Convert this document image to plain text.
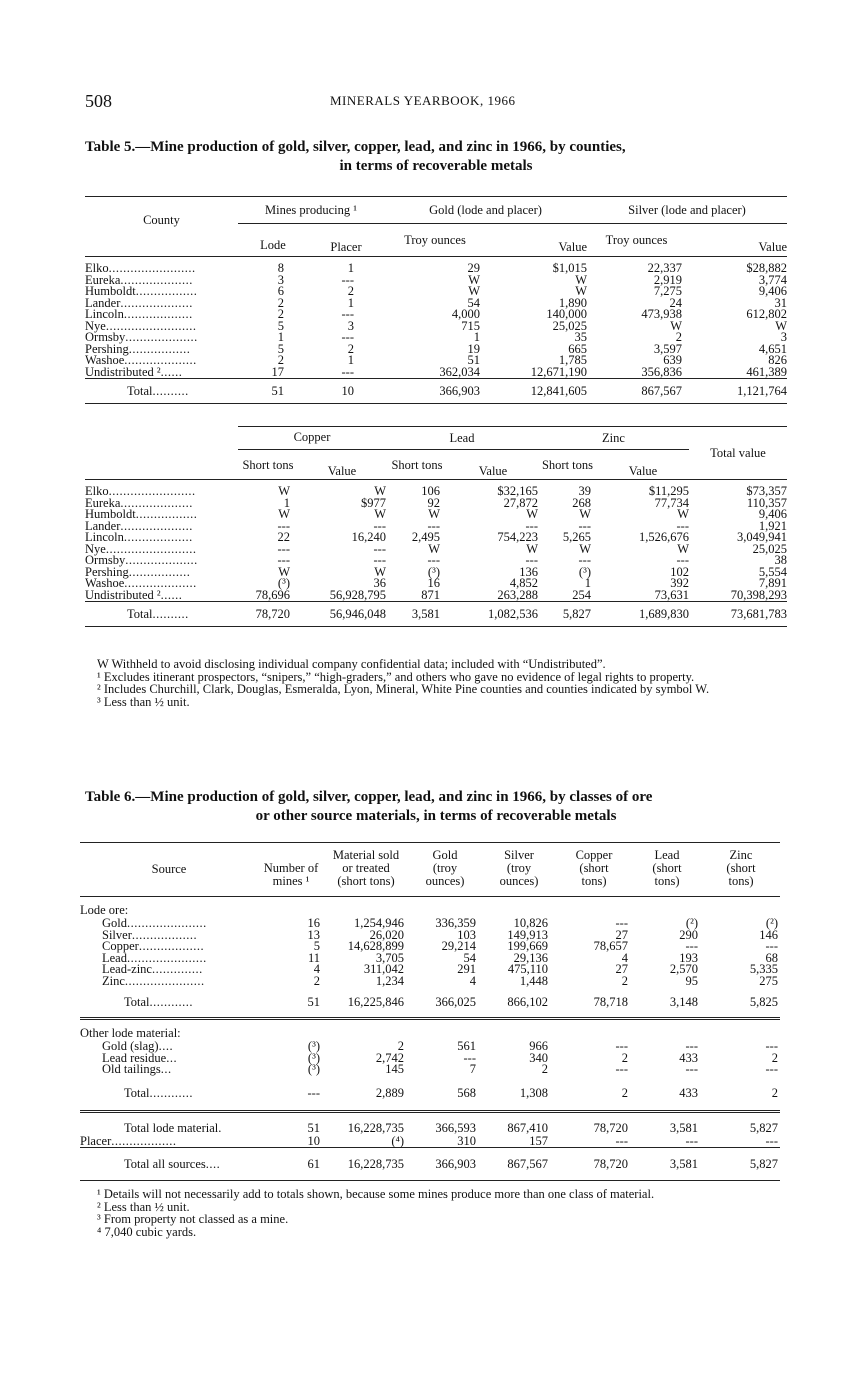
508	MINERALS YEARBOOK, 1966
Table 5.—Mine production of gold, silver, copper, lead, and zinc in 1966, by counties,
in terms of recoverable metals
County	Mines producing ¹		Gold (lode and placer)		Silver (lode and placer)	
	Lode	Placer	Troy ounces	Value	Troy ounces	Value
Elko........................	8	1	29	$1,015	22,337	$28,882
Eureka....................	3	---	W	W	2,919	3,774
Humboldt.................	6	2	W	W	7,275	9,406
Lander....................	2	1	54	1,890	24	31
Lincoln...................	2	---	4,000	140,000	473,938	612,802
Nye.........................	5	3	715	25,025	W	W
Ormsby....................	1	---	1	35	2	3
Pershing.................	5	2	19	665	3,597	4,651
Washoe....................	2	1	51	1,785	639	826
Undistributed ²......	17	---	362,034	12,671,190	356,836	461,389
Total..........	51	10	366,903	12,841,605	867,567	1,121,764
	Copper		Lead		Zinc		Total value
	Short tons	Value	Short tons	Value	Short tons	Value	
Elko........................	W	W	106	$32,165	39	$11,295	$73,357
Eureka....................	1	$977	92	27,872	268	77,734	110,357
Humboldt.................	W	W	W	W	W	W	9,406
Lander....................	---	---	---	---	---	---	1,921
Lincoln...................	22	16,240	2,495	754,223	5,265	1,526,676	3,049,941
Nye.........................	---	---	W	W	W	W	25,025
Ormsby....................	---	---	---	---	---	---	38
Pershing.................	W	W	(³)	136	(³)	102	5,554
Washoe....................	(³)	36	16	4,852	1	392	7,891
Undistributed ²......	78,696	56,928,795	871	263,288	254	73,631	70,398,293
Total..........	78,720	56,946,048	3,581	1,082,536	5,827	1,689,830	73,681,783

W Withheld to avoid disclosing individual company confidential data; included with “Undistributed”.

¹ Excludes itinerant prospectors, “snipers,” “high-graders,” and others who gave no evidence of legal rights to property.

² Includes Churchill, Clark, Douglas, Esmeralda, Lyon, Mineral, White Pine counties and counties indicated by symbol W.

³ Less than ½ unit.

Table 6.—Mine production of gold, silver, copper, lead, and zinc in 1966, by classes of ore
or other source materials, in terms of recoverable metals
Source	Number of mines ¹	Material sold or treated (short tons)	Gold (troy ounces)	Silver (troy ounces)	Copper (short tons)	Lead (short tons)	Zinc (short tons)
Lode ore:							
Gold......................	16	1,254,946	336,359	10,826	---	(²)	(²)
Silver..................	13	26,020	103	149,913	27	290	146
Copper..................	5	14,628,899	29,214	199,669	78,657	---	---
Lead......................	11	3,705	54	29,136	4	193	68
Lead-zinc..............	4	311,042	291	475,110	27	2,570	5,335
Zinc......................	2	1,234	4	1,448	2	95	275
Total............	51	16,225,846	366,025	866,102	78,718	3,148	5,825
Other lode material:							
Gold (slag)....	(³)	2	561	966	---	---	---
Lead residue...	(³)	2,742	---	340	2	433	2
Old tailings...	(³)	145	7	2	---	---	---
Total............	---	2,889	568	1,308	2	433	2
Total lode material.	51	16,228,735	366,593	867,410	78,720	3,581	5,827
Placer..................	10	(⁴)	310	157	---	---	---
Total all sources....	61	16,228,735	366,903	867,567	78,720	3,581	5,827

¹ Details will not necessarily add to totals shown, because some mines produce more than one class of material.

² Less than ½ unit.

³ From property not classed as a mine.

⁴ 7,040 cubic yards.
